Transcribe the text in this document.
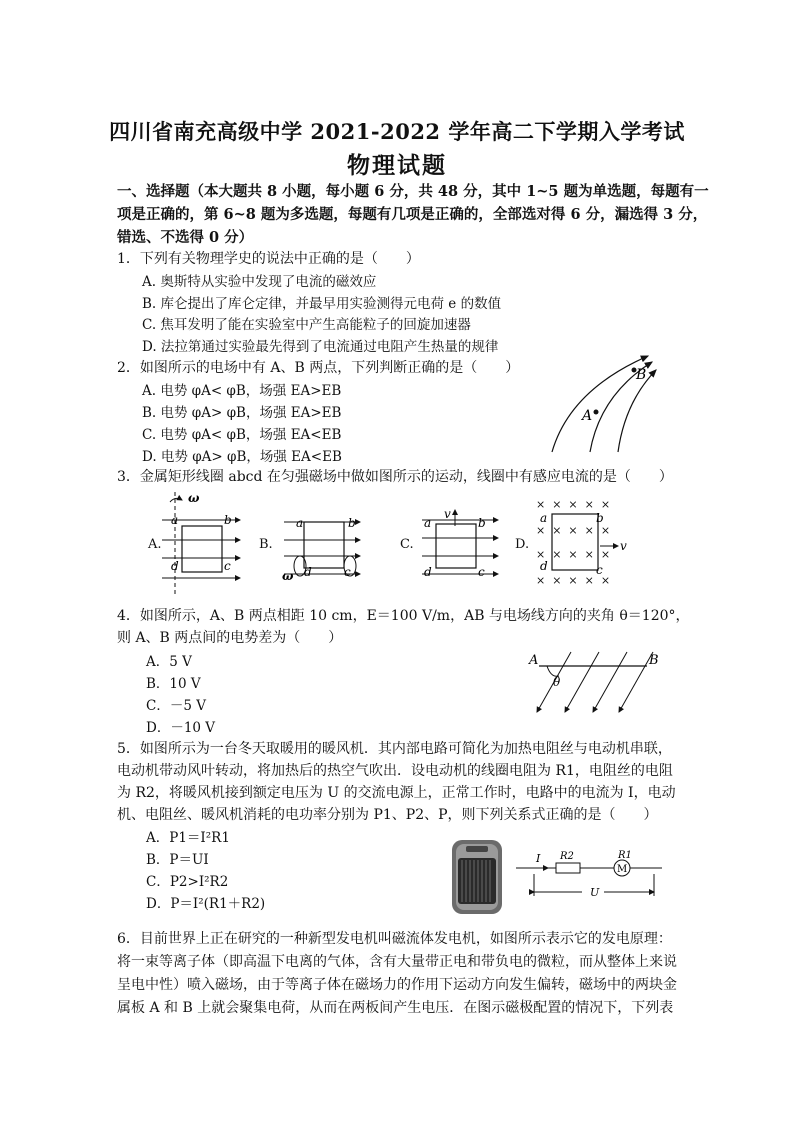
四川省南充高级中学 2021-2022 学年高二下学期入学考试
物理试题
一、选择题（本大题共 8 小题，每小题 6 分，共 48 分，其中 1~5 题为单选题，每题有一
项是正确的，第 6~8 题为多选题，每题有几项是正确的，全部选对得 6 分，漏选得 3 分，
错选、不选得 0 分）
1．下列有关物理学史的说法中正确的是（　　）
A. 奥斯特从实验中发现了电流的磁效应
B. 库仑提出了库仑定律，并最早用实验测得元电荷 e 的数值
C. 焦耳发明了能在实验室中产生高能粒子的回旋加速器
D. 法拉第通过实验最先得到了电流通过电阻产生热量的规律
2．如图所示的电场中有 A、B 两点，下列判断正确的是（　　）
A. 电势 φA< φB，场强 EA>EB
B. 电势 φA> φB，场强 EA>EB
C. 电势 φA< φB，场强 EA<EB
D. 电势 φA> φB，场强 EA<EB
A
B
3．金属矩形线圈 abcd 在匀强磁场中做如图所示的运动，线圈中有感应电流的是（　　）
A.	B.	C.	D.
ω
a	b
d	c
a	b
d	c
ω
v
a	b
d	c
×  ×  ×  ×  ×
×  ×  ×  ×  ×
×  ×  ×  ×  ×
×  ×  ×  ×  ×
v
a	b
d	c
4．如图所示，A、B 两点相距 10 cm，E＝100 V/m，AB 与电场线方向的夹角 θ＝120°，
则 A、B 两点间的电势差为（　　）
A．5 V
B．10 V
C．－5 V
D．－10 V
A	B
θ
5．如图所示为一台冬天取暖用的暖风机．其内部电路可简化为加热电阻丝与电动机串联，
电动机带动风叶转动，将加热后的热空气吹出．设电动机的线圈电阻为 R1，电阻丝的电阻
为 R2，将暖风机接到额定电压为 U 的交流电源上，正常工作时，电路中的电流为 I，电动
机、电阻丝、暖风机消耗的电功率分别为 P1、P2、P，则下列关系式正确的是（　　）
A．P1＝I²R1
B．P＝UI
C．P2>I²R2
D．P＝I²(R1＋R2)
I R2	R1
M
U
6．目前世界上正在研究的一种新型发电机叫磁流体发电机，如图所示表示它的发电原理：
将一束等离子体（即高温下电离的气体，含有大量带正电和带负电的微粒，而从整体上来说
呈电中性）喷入磁场，由于等离子体在磁场力的作用下运动方向发生偏转，磁场中的两块金
属板 A 和 B 上就会聚集电荷，从而在两板间产生电压．在图示磁极配置的情况下，下列表
